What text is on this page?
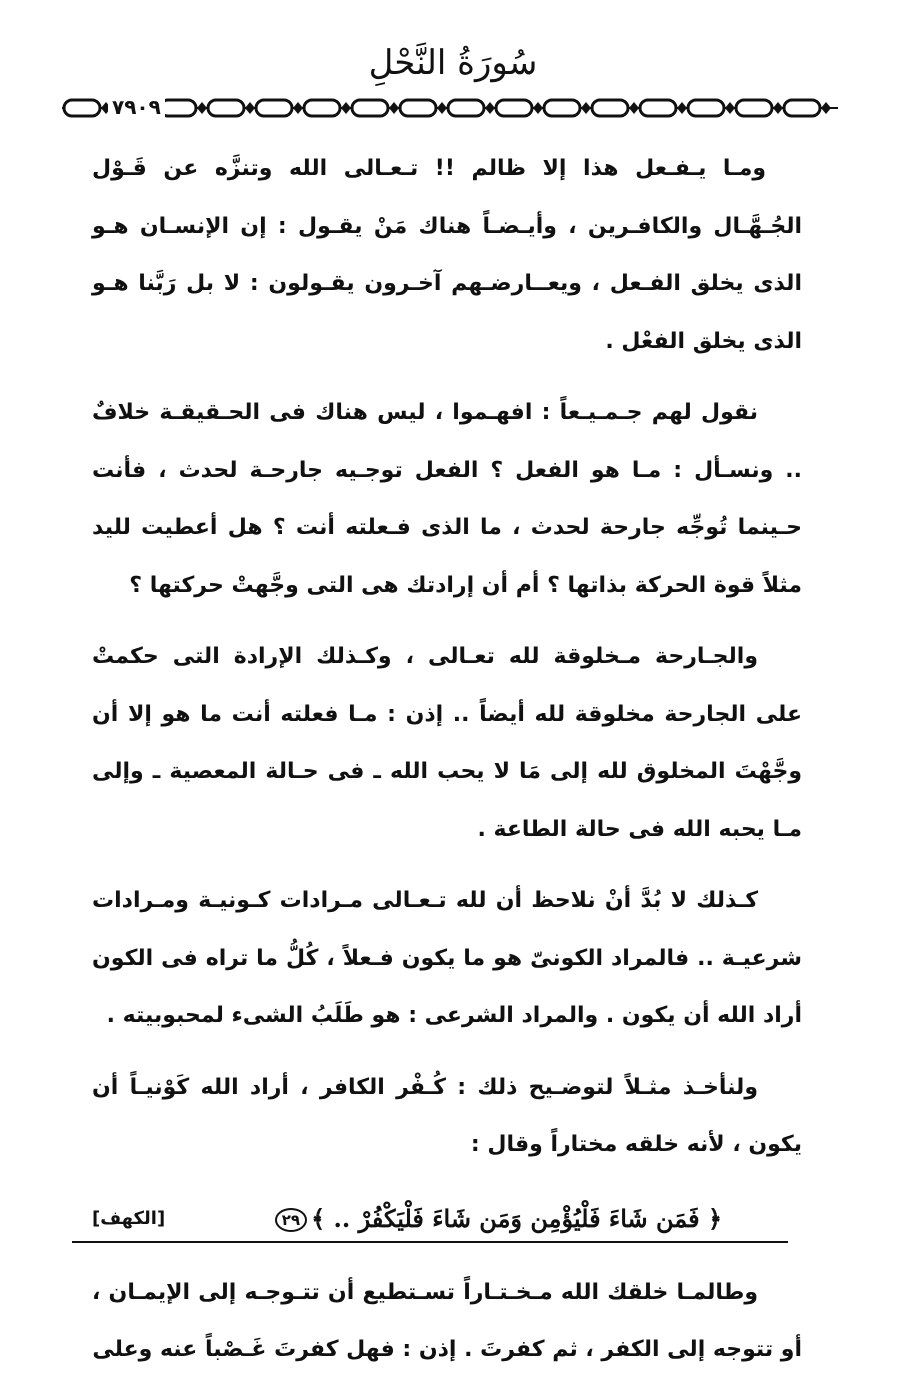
سُورَةُ النَّحْلِ
٧٩٠٩

ومـا يـفـعل هذا إلا ظالم !! تـعـالى الله وتنزَّه عن قَـوْل الجُـهَّـال والكافـرين ، وأيـضـاً هناك مَنْ يقـول : إن الإنسـان هـو الذى يخلق الفـعل ، ويعــارضـهم آخـرون يقـولون : لا بل رَبَّنا هـو الذى يخلق الفعْل .

نقول لهم جـمـيـعاً : افهـموا ، ليس هناك فى الحـقيقـة خلافٌ .. ونسـأل : مـا هو الفعل ؟ الفعل توجـيه جارحـة لحدث ، فأنت حـينما تُوجِّه جارحة لحدث ، ما الذى فـعلته أنت ؟ هل أعطيت لليد مثلاً قوة الحركة بذاتها ؟ أم أن إرادتك هى التى وجَّهتْ حركتها ؟

والجـارحة مـخلوقة لله تعـالى ، وكـذلك الإرادة التى حكمتْ على الجارحة مخلوقة لله أيضاً .. إذن : مـا فعلته أنت ما هو إلا أن وجَّهْتَ المخلوق لله إلى مَا لا يحب الله ـ فى حـالة المعصية ـ وإلى مـا يحبه الله فى حالة الطاعة .

كـذلك لا بُدَّ أنْ نلاحظ أن لله تـعـالى مـرادات كـونيـة ومـرادات شرعيـة .. فالمراد الكونىّ هو ما يكون فـعلاً ، كُلُّ ما تراه فى الكون أراد الله أن يكون . والمراد الشرعى : هو طَلَبُ الشىء لمحبوبيته .

ولنأخـذ مثـلاً لتوضـيح ذلك : كُـفْر الكافر ، أراد الله كَوْنيـاً أن يكون ، لأنه خلقه مختاراً وقال :

﴿ فَمَن شَاءَ فَلْيُؤْمِن وَمَن شَاءَ فَلْيَكْفُرْ .. ﴾٢٩
[الكهف]

وطالمـا خلقك الله مـخـتـاراً تسـتطيع أن تتـوجـه إلى الإيمـان ، أو تتوجه إلى الكفر ، ثم كفرتَ . إذن : فهل كفرتَ غَـصْباً عنه وعلى
